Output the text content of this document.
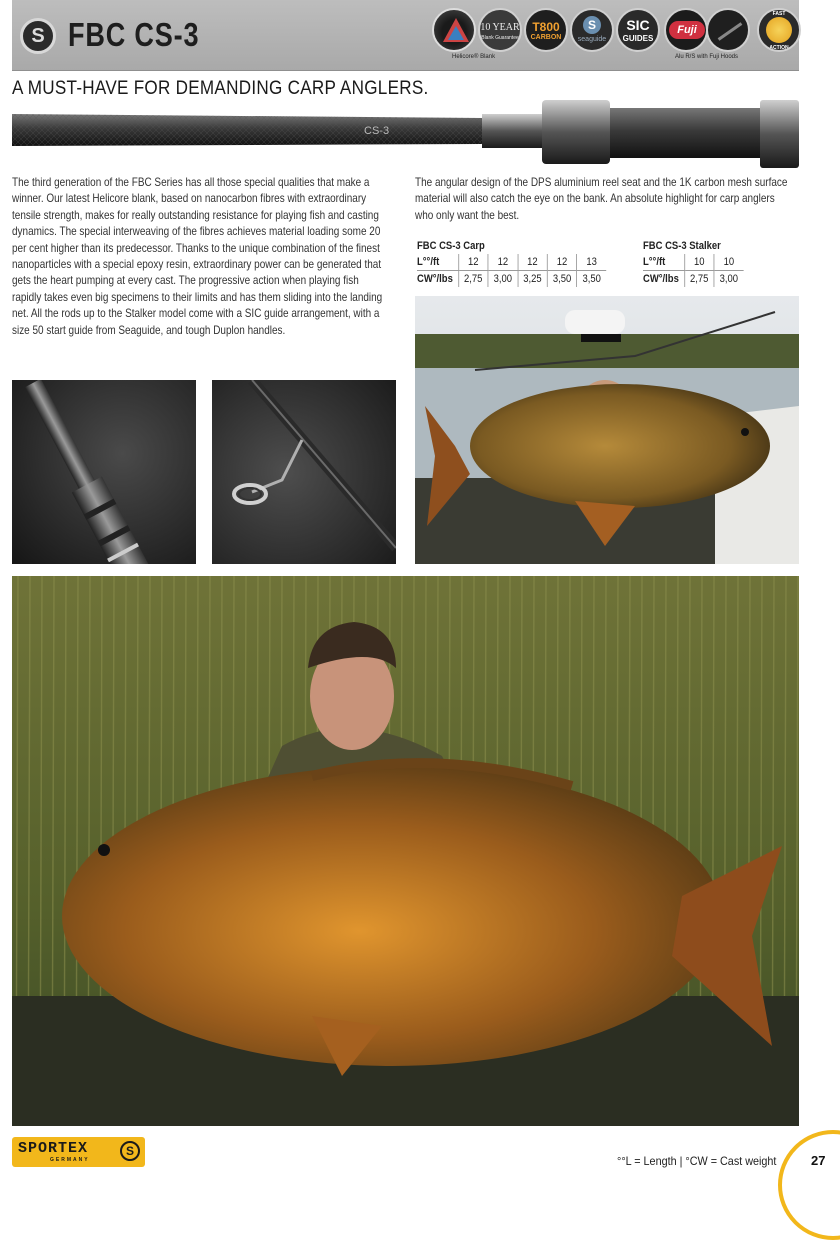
S FBC CS-3	10 YEAR
Blank Guarantee
T800
CARBON
S
seaguide
SIC
GUIDES
Fuji
FAST
ACTION
Helicore® Blank	Alu R/S with Fuji Hoods
A MUST-HAVE FOR DEMANDING CARP ANGLERS.
CS-3

The third generation of the FBC Series has all those special qualities that make a winner. Our latest Helicore blank, based on nanocarbon fibres with extraordinary tensile strength, makes for really outstanding resistance for playing fish and casting dynamics. The special interweaving of the fibres achieves material loading some 20 per cent higher than its predecessor. Thanks to the unique combination of the finest nanoparticles with a special epoxy resin, extraordinary power can be generated that gets the heart pumping at every cast. The progressive action when playing fish rapidly takes even big specimens to their limits and has them sliding into the landing net. All the rods up to the Stalker model come with a SIC guide arrangement, with a size 50 start guide from Seaguide, and tough Duplon handles.

The angular design of the DPS aluminium reel seat and the 1K carbon mesh surface material will also catch the eye on the bank. An absolute highlight for carp anglers who only want the best.

FBC CS-3 Carp
L°°/ft	12	12	12	12	13
CW°/lbs	2,75	3,00	3,25	3,50	3,50
FBC CS-3 Stalker
L°°/ft	10	10
CW°/lbs	2,75	3,00
SPORTEX
GERMANY
S
°°L = Length | °CW = Cast weight	27
